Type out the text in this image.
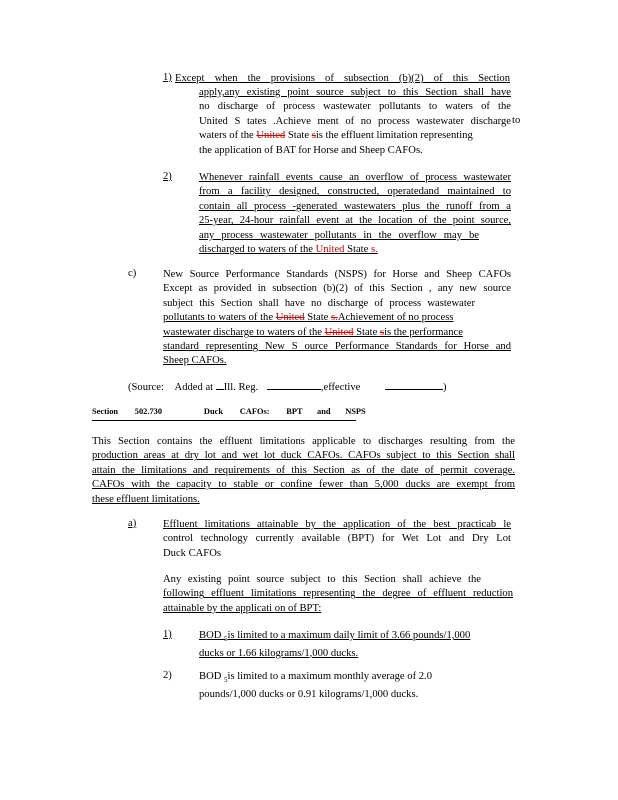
1) Except when the provisions of subsection (b)(2) of this Section
apply,any existing point source subject to this Section shall have
no discharge of process wastewater pollutants to waters of the
United S tates .Achieve ment of no process wastewater discharge
waters of the United State sis the effluent limitation representing
the application of BAT for Horse and Sheep CAFOs.
to
2)	Whenever rainfall events cause an overflow of process wastewater
from a facility designed, constructed, operatedand maintained to
contain all process -generated wastewaters plus the runoff from a
25-year, 24-hour rainfall event at the location of the point source,
any process wastewater pollutants in the overflow may be
discharged to waters of the United State s.
c)	New Source Performance Standards (NSPS) for Horse and Sheep CAFOs
Except as provided in subsection (b)(2) of this Section , any new source
subject this Section shall have no discharge of process wastewater
pollutants to waters of the United State s.Achievement of no process
wastewater discharge to waters of the United State sis the performance
standard representing New S ource Performance Standards for Horse and
Sheep CAFOs.
(Source: Added at Ill. Reg.	,effective	)
Section        502.730                    Duck        CAFOs:        BPT       and       NSPS
This Section contains the effluent limitations applicable to discharges resulting from the
production areas at dry lot and wet lot duck CAFOs. CAFOs subject to this Section shall
attain the limitations and requirements of this Section as of the date of permit coverage.
CAFOs with the capacity to stable or confine fewer than 5,000 ducks are exempt from
these effluent limitations.
a)	Effluent limitations attainable by the application of the best practicab le
control technology currently available (BPT) for Wet Lot and Dry Lot
Duck CAFOs
Any existing point source subject to this Section shall achieve the
following effluent limitations representing the degree of effluent reduction
attainable by the applicati on of BPT:
1)	BOD $_5$is limited to a maximum daily limit of 3.66 pounds/1,000
ducks or 1.66 kilograms/1,000 ducks.
2)	BOD $_5$is limited to a maximum monthly average of 2.0
pounds/1,000 ducks or 0.91 kilograms/1,000 ducks.
